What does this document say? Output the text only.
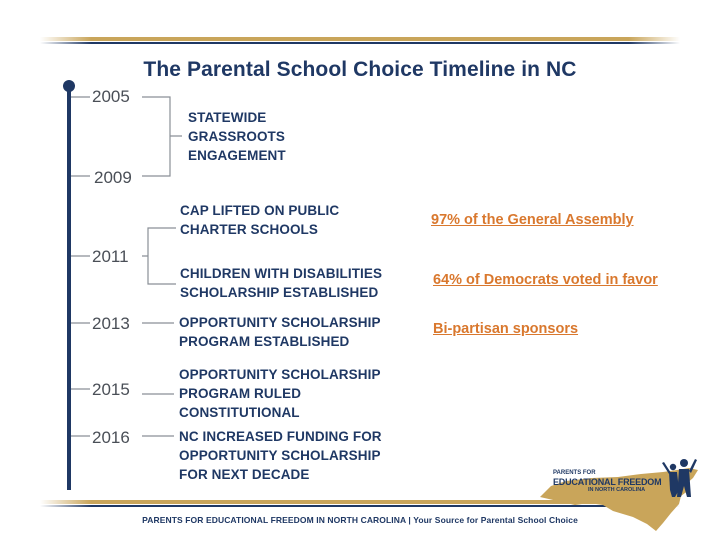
The Parental School Choice Timeline in NC
2005
2009
2011
2013
2015
2016
STATEWIDE
GRASSROOTS
ENGAGEMENT
CAP LIFTED ON PUBLIC
CHARTER SCHOOLS
CHILDREN WITH DISABILITIES
SCHOLARSHIP ESTABLISHED
OPPORTUNITY SCHOLARSHIP
PROGRAM ESTABLISHED
OPPORTUNITY SCHOLARSHIP
PROGRAM RULED
CONSTITUTIONAL
NC INCREASED FUNDING FOR
OPPORTUNITY SCHOLARSHIP
FOR NEXT DECADE
97% of the General Assembly
64% of Democrats voted in favor
Bi-partisan sponsors
PARENTS FOR
EDUCATIONAL FREEDOM
IN NORTH CAROLINA
PARENTS FOR EDUCATIONAL FREEDOM IN NORTH CAROLINA | Your Source for Parental School Choice
